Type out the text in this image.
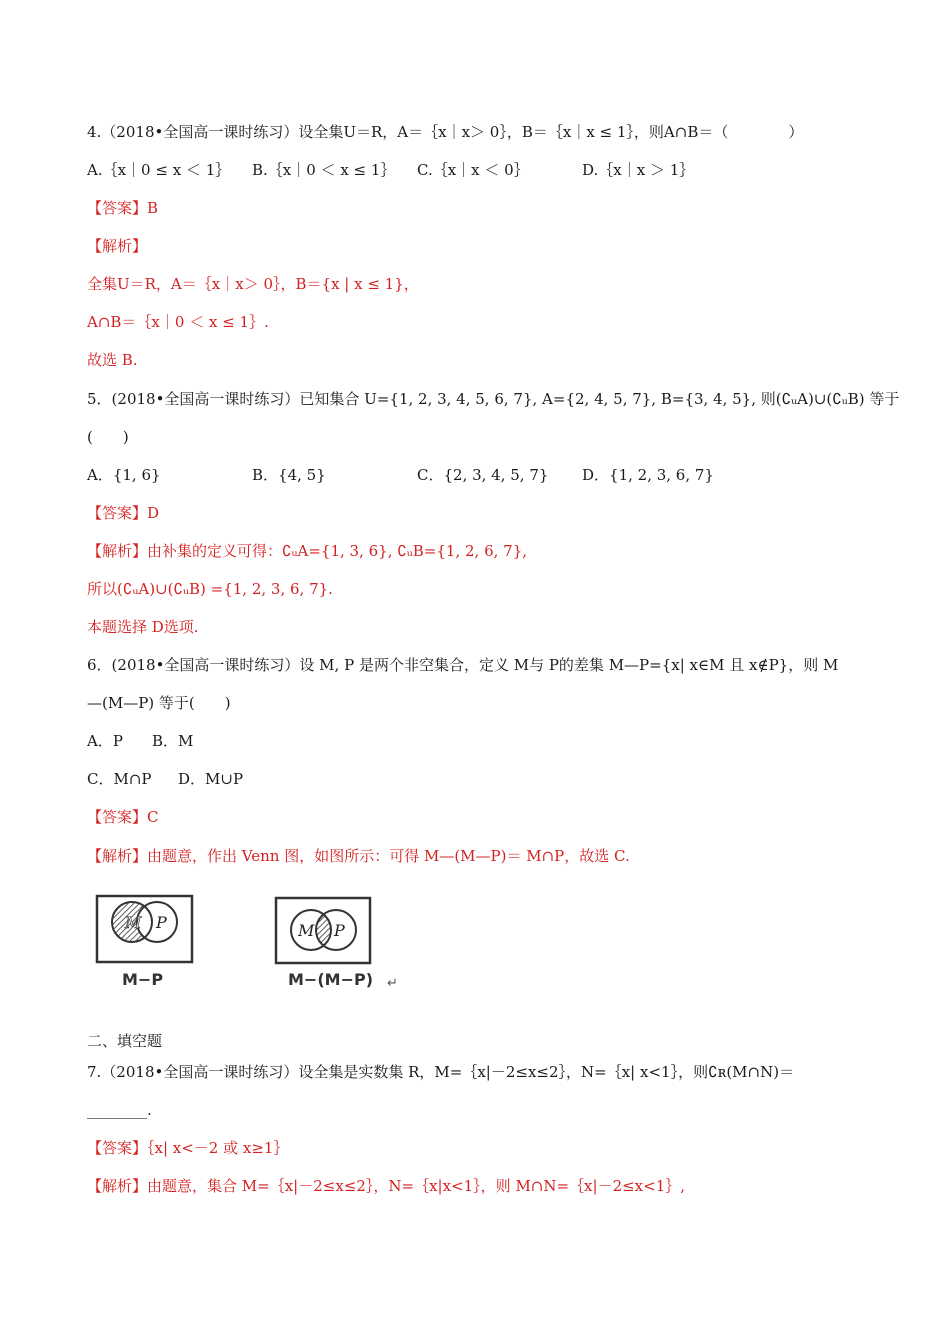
4.（2018•全国高一课时练习）设全集U＝R，A＝｛x｜x＞ 0｝，B＝｛x｜x ≤ 1｝，则A∩B＝（　　　　）
A.｛x｜0 ≤ x ＜ 1｝ B.｛x｜0 ＜ x ≤ 1｝ C.｛x｜x ＜ 0｝	D.｛x｜x ＞ 1｝
【答案】B
【解析】
全集U＝R，A＝｛x｜x＞ 0｝，B＝{x | x ≤ 1}，
A∩B＝｛x｜0 ＜ x ≤ 1｝.
故选 B.
5．(2018•全国高一课时练习）已知集合 U={1, 2, 3, 4, 5, 6, 7}, A={2, 4, 5, 7}, B={3, 4, 5}, 则(∁ᵤA)∪(∁ᵤB) 等于
(　　)
A．{1, 6}	B．{4, 5}	C．{2, 3, 4, 5, 7} D．{1, 2, 3, 6, 7}
【答案】D
【解析】由补集的定义可得：∁ᵤA={1, 3, 6}, ∁ᵤB={1, 2, 6, 7},
所以(∁ᵤA)∪(∁ᵤB) ={1, 2, 3, 6, 7}.
本题选择 D选项.
6．(2018•全国高一课时练习）设 M, P 是两个非空集合，定义 M与 P的差集 M—P={x| x∈M 且 x∉P}，则 M
—(M—P) 等于(　　)
A．P B．M
C．M∩P D．M∪P
【答案】C
【解析】由题意，作出 Venn 图，如图所示：可得 M—(M—P)＝ M∩P，故选 C.
M P
M−P
M P
M−(M−P) ↵
二、填空题
7.（2018•全国高一课时练习）设全集是实数集 R，M=｛x|－2≤x≤2｝，N=｛x| x<1｝，则∁ʀ(M∩N)＝
________.
【答案】｛x| x<－2 或 x≥1｝
【解析】由题意，集合 M=｛x|－2≤x≤2｝，N=｛x|x<1｝，则 M∩N=｛x|－2≤x<1｝,
